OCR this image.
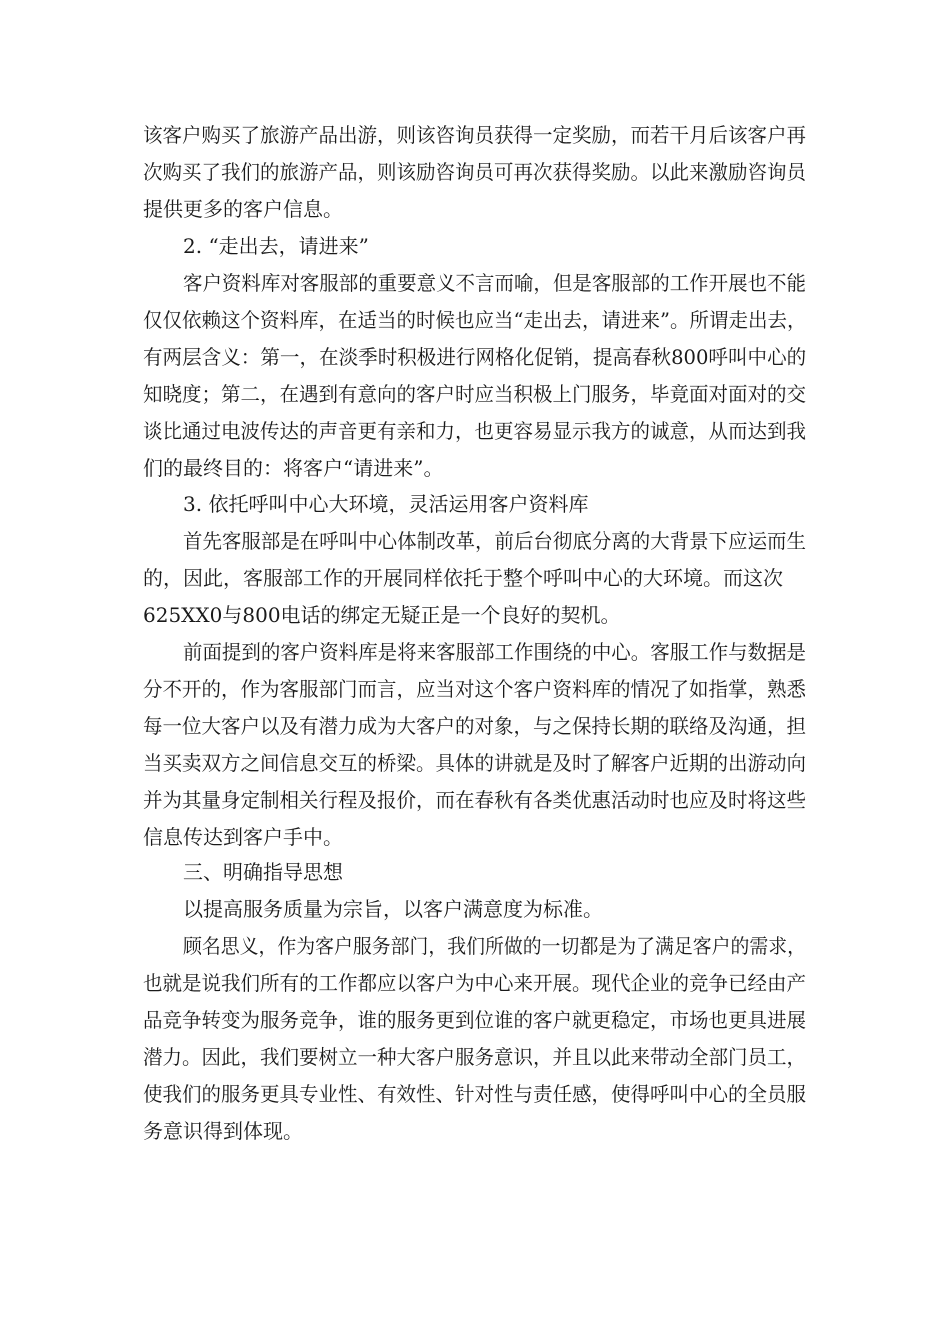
该客户购买了旅游产品出游，则该咨询员获得一定奖励，而若干月后该客户再
次购买了我们的旅游产品，则该励咨询员可再次获得奖励。以此来激励咨询员
提供更多的客户信息。
2. “走出去，请进来”
客户资料库对客服部的重要意义不言而喻，但是客服部的工作开展也不能
仅仅依赖这个资料库，在适当的时候也应当“走出去，请进来”。所谓走出去，
有两层含义：第一，在淡季时积极进行网格化促销，提高春秋800呼叫中心的
知晓度；第二，在遇到有意向的客户时应当积极上门服务，毕竟面对面对的交
谈比通过电波传达的声音更有亲和力，也更容易显示我方的诚意，从而达到我
们的最终目的：将客户“请进来”。
3. 依托呼叫中心大环境，灵活运用客户资料库
首先客服部是在呼叫中心体制改革，前后台彻底分离的大背景下应运而生
的，因此，客服部工作的开展同样依托于整个呼叫中心的大环境。而这次
625XX0与800电话的绑定无疑正是一个良好的契机。
前面提到的客户资料库是将来客服部工作围绕的中心。客服工作与数据是
分不开的，作为客服部门而言，应当对这个客户资料库的情况了如指掌，熟悉
每一位大客户以及有潜力成为大客户的对象，与之保持长期的联络及沟通，担
当买卖双方之间信息交互的桥梁。具体的讲就是及时了解客户近期的出游动向
并为其量身定制相关行程及报价，而在春秋有各类优惠活动时也应及时将这些
信息传达到客户手中。
三、明确指导思想
以提高服务质量为宗旨，以客户满意度为标准。
顾名思义，作为客户服务部门，我们所做的一切都是为了满足客户的需求，
也就是说我们所有的工作都应以客户为中心来开展。现代企业的竞争已经由产
品竞争转变为服务竞争，谁的服务更到位谁的客户就更稳定，市场也更具进展
潜力。因此，我们要树立一种大客户服务意识，并且以此来带动全部门员工，
使我们的服务更具专业性、有效性、针对性与责任感，使得呼叫中心的全员服
务意识得到体现。
